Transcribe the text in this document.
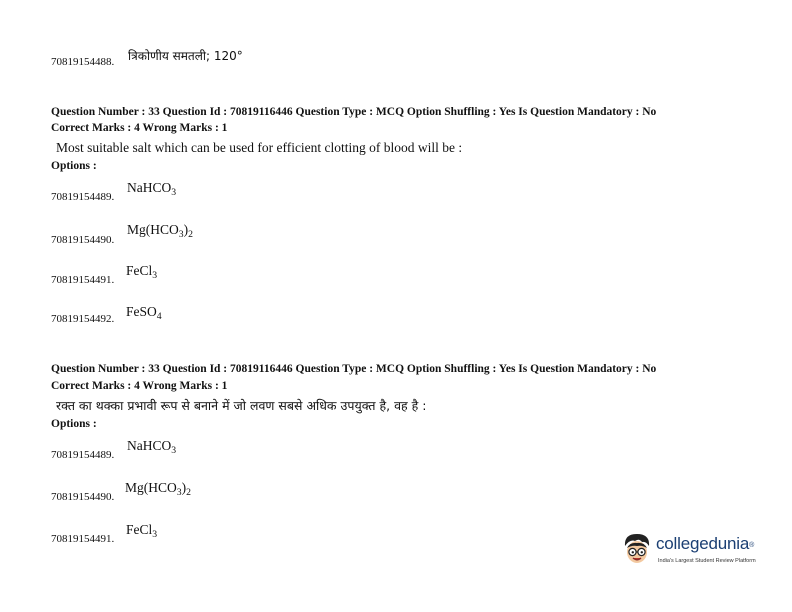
70819154488. त्रिकोणीय समतली; 120°
Question Number : 33 Question Id : 70819116446 Question Type : MCQ Option Shuffling : Yes Is Question Mandatory : No
Correct Marks : 4 Wrong Marks : 1
Most suitable salt which can be used for efficient clotting of blood will be :
Options :
70819154489.
NaHCO$_3$
70819154490.
$Mg(HCO_3)_2$
70819154491.
FeCl$_3$
70819154492. FeSO$_4$
Question Number : 33 Question Id : 70819116446 Question Type : MCQ Option Shuffling : Yes Is Question Mandatory : No
Correct Marks : 4 Wrong Marks : 1
रक्त का थक्का प्रभावी रूप से बनाने में जो लवण सबसे अधिक उपयुक्त है, वह है :
Options :
70819154489.
NaHCO$_3$
70819154490.
$Mg(HCO_3)_2$
70819154491.
FeCl$_3$	collegedunia®
India's Largest Student Review Platform
